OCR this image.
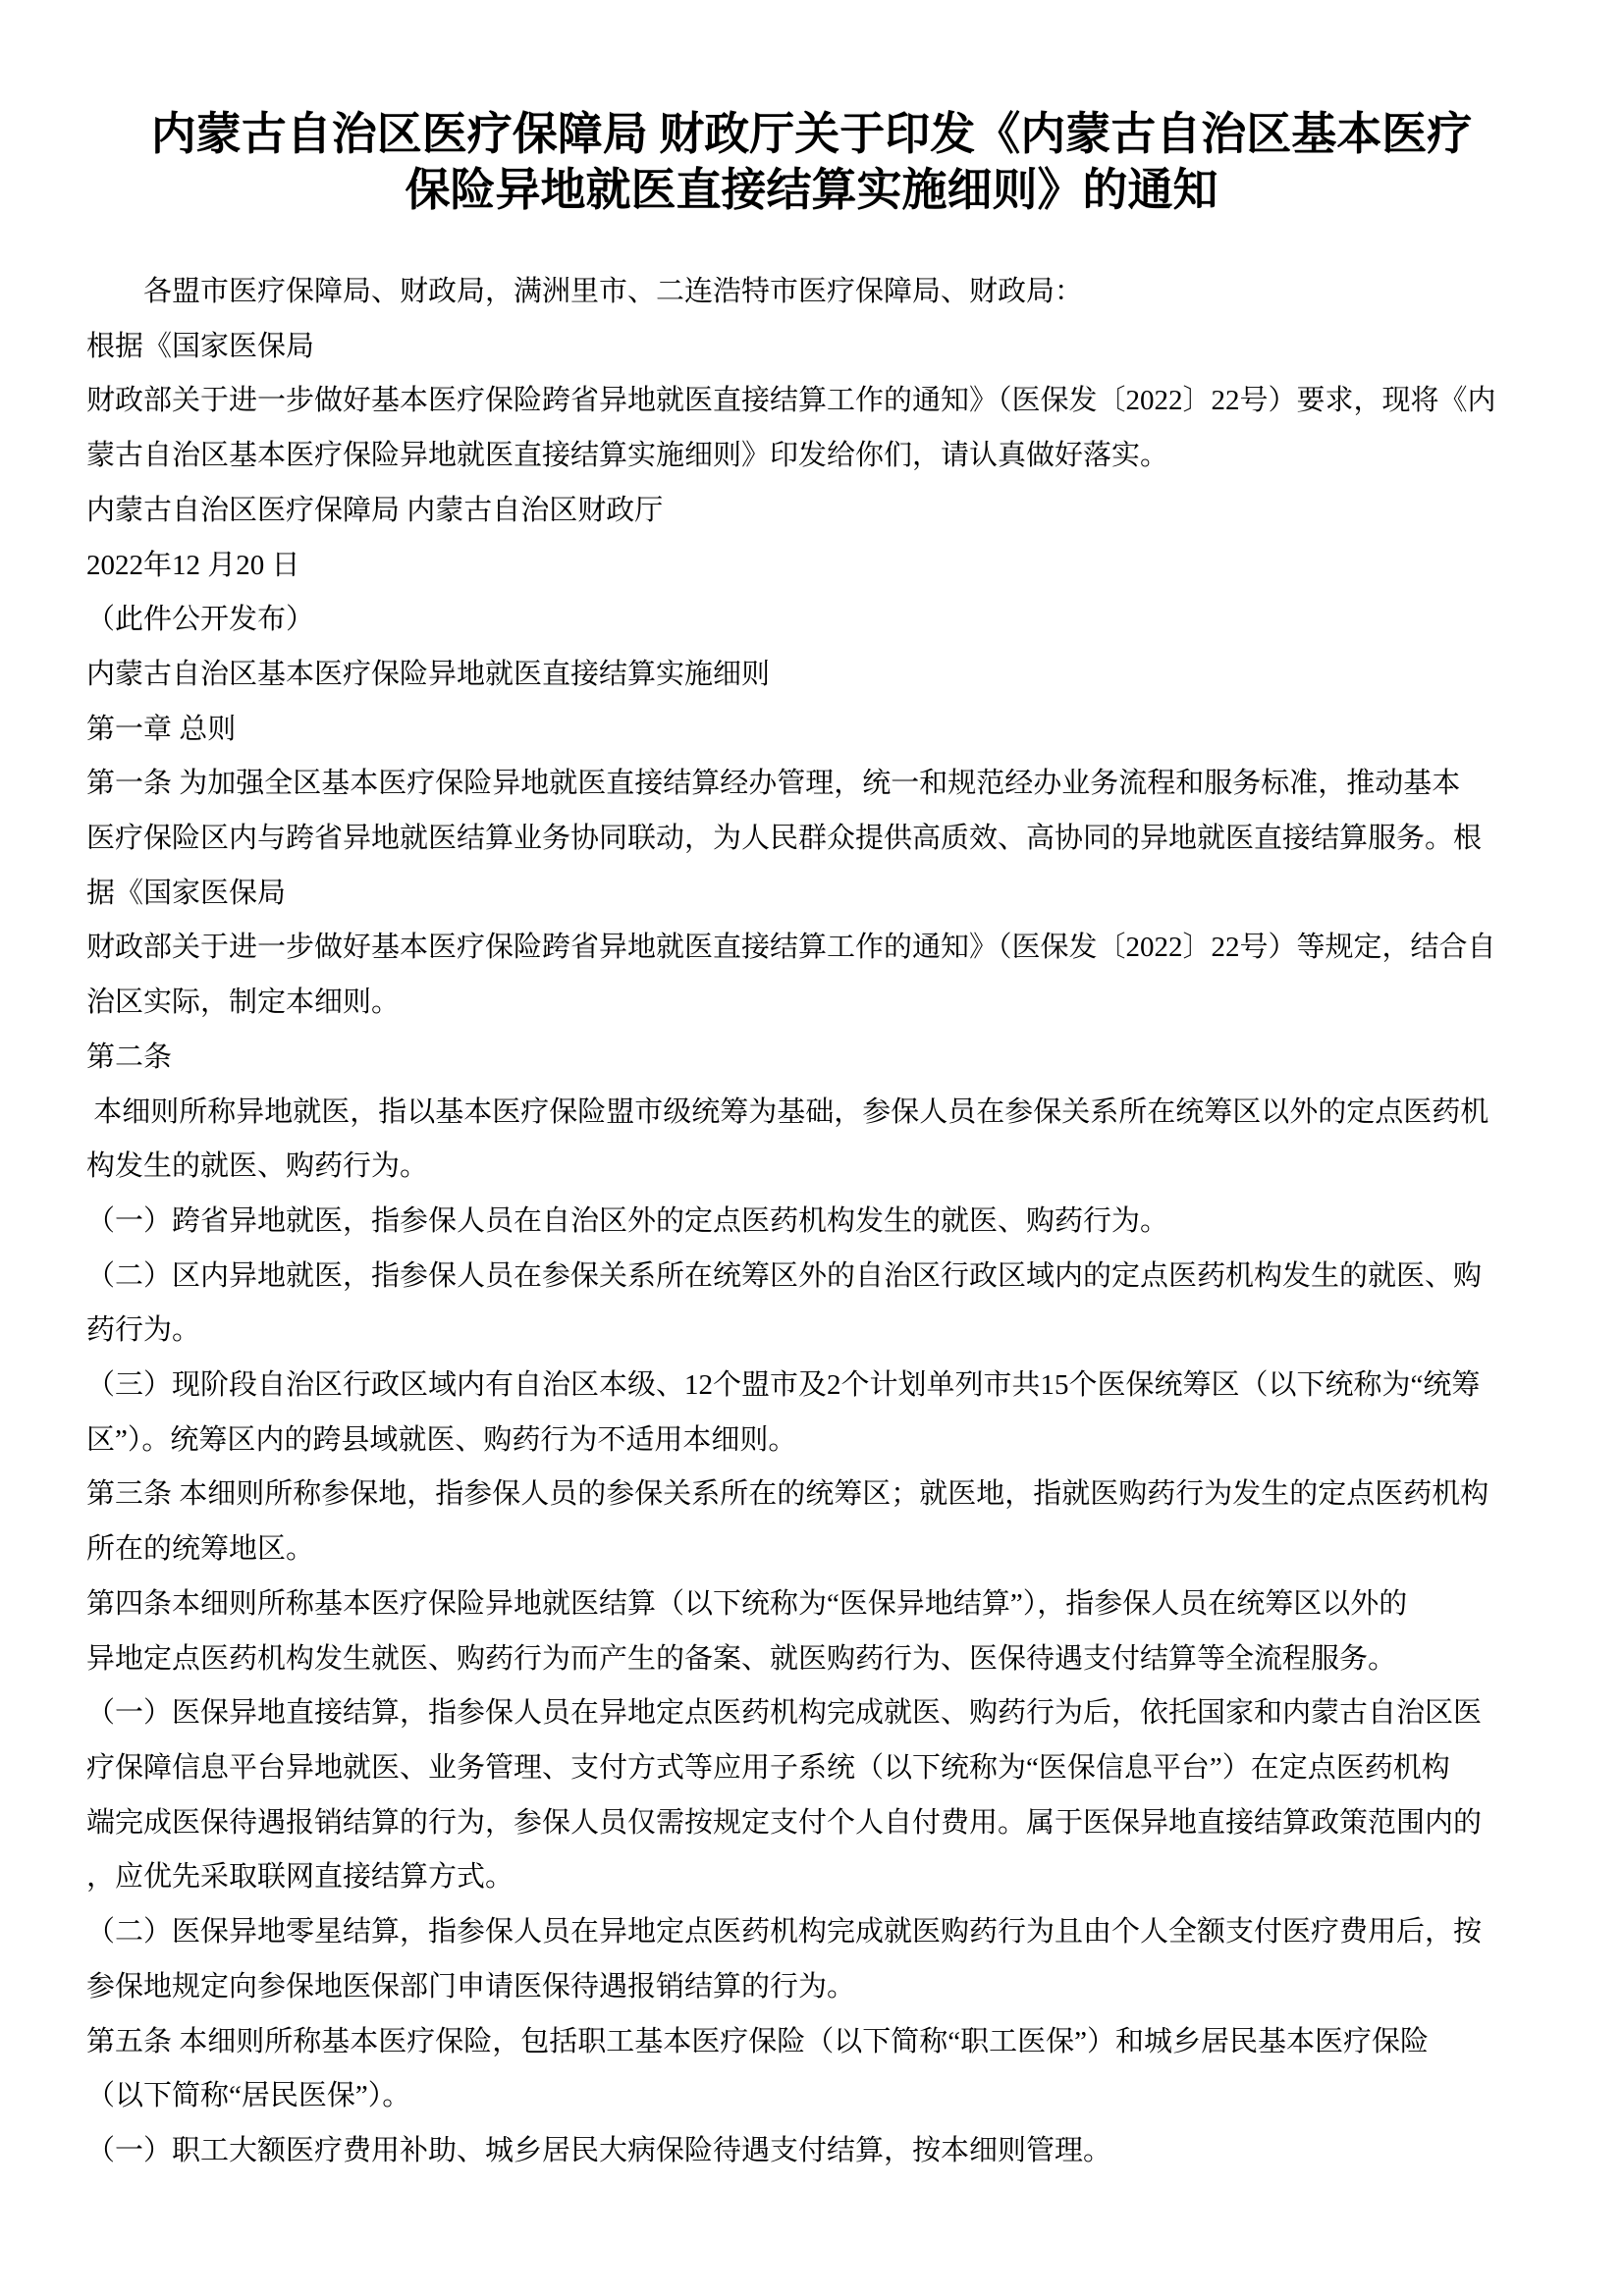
内蒙古自治区医疗保障局 财政厅关于印发《内蒙古自治区基本医疗
保险异地就医直接结算实施细则》的通知
　　各盟市医疗保障局、财政局，满洲里市、二连浩特市医疗保障局、财政局：
根据《国家医保局
财政部关于进一步做好基本医疗保险跨省异地就医直接结算工作的通知》（医保发〔2022〕22号）要求，现将《内
蒙古自治区基本医疗保险异地就医直接结算实施细则》印发给你们，请认真做好落实。
内蒙古自治区医疗保障局 内蒙古自治区财政厅
2022年12 月20 日
（此件公开发布）
内蒙古自治区基本医疗保险异地就医直接结算实施细则
第一章 总则
第一条 为加强全区基本医疗保险异地就医直接结算经办管理，统一和规范经办业务流程和服务标准，推动基本
医疗保险区内与跨省异地就医结算业务协同联动，为人民群众提供高质效、高协同的异地就医直接结算服务。根
据《国家医保局
财政部关于进一步做好基本医疗保险跨省异地就医直接结算工作的通知》（医保发〔2022〕22号）等规定，结合自
治区实际，制定本细则。
第二条
本细则所称异地就医，指以基本医疗保险盟市级统筹为基础，参保人员在参保关系所在统筹区以外的定点医药机
构发生的就医、购药行为。
（一）跨省异地就医，指参保人员在自治区外的定点医药机构发生的就医、购药行为。
（二）区内异地就医，指参保人员在参保关系所在统筹区外的自治区行政区域内的定点医药机构发生的就医、购
药行为。
（三）现阶段自治区行政区域内有自治区本级、12个盟市及2个计划单列市共15个医保统筹区（以下统称为“统筹
区”）。统筹区内的跨县域就医、购药行为不适用本细则。
第三条 本细则所称参保地，指参保人员的参保关系所在的统筹区；就医地，指就医购药行为发生的定点医药机构
所在的统筹地区。
第四条本细则所称基本医疗保险异地就医结算（以下统称为“医保异地结算”），指参保人员在统筹区以外的
异地定点医药机构发生就医、购药行为而产生的备案、就医购药行为、医保待遇支付结算等全流程服务。
（一）医保异地直接结算，指参保人员在异地定点医药机构完成就医、购药行为后，依托国家和内蒙古自治区医
疗保障信息平台异地就医、业务管理、支付方式等应用子系统（以下统称为“医保信息平台”）在定点医药机构
端完成医保待遇报销结算的行为，参保人员仅需按规定支付个人自付费用。属于医保异地直接结算政策范围内的
，应优先采取联网直接结算方式。
（二）医保异地零星结算，指参保人员在异地定点医药机构完成就医购药行为且由个人全额支付医疗费用后，按
参保地规定向参保地医保部门申请医保待遇报销结算的行为。
第五条 本细则所称基本医疗保险，包括职工基本医疗保险（以下简称“职工医保”）和城乡居民基本医疗保险
（以下简称“居民医保”）。
（一）职工大额医疗费用补助、城乡居民大病保险待遇支付结算，按本细则管理。
